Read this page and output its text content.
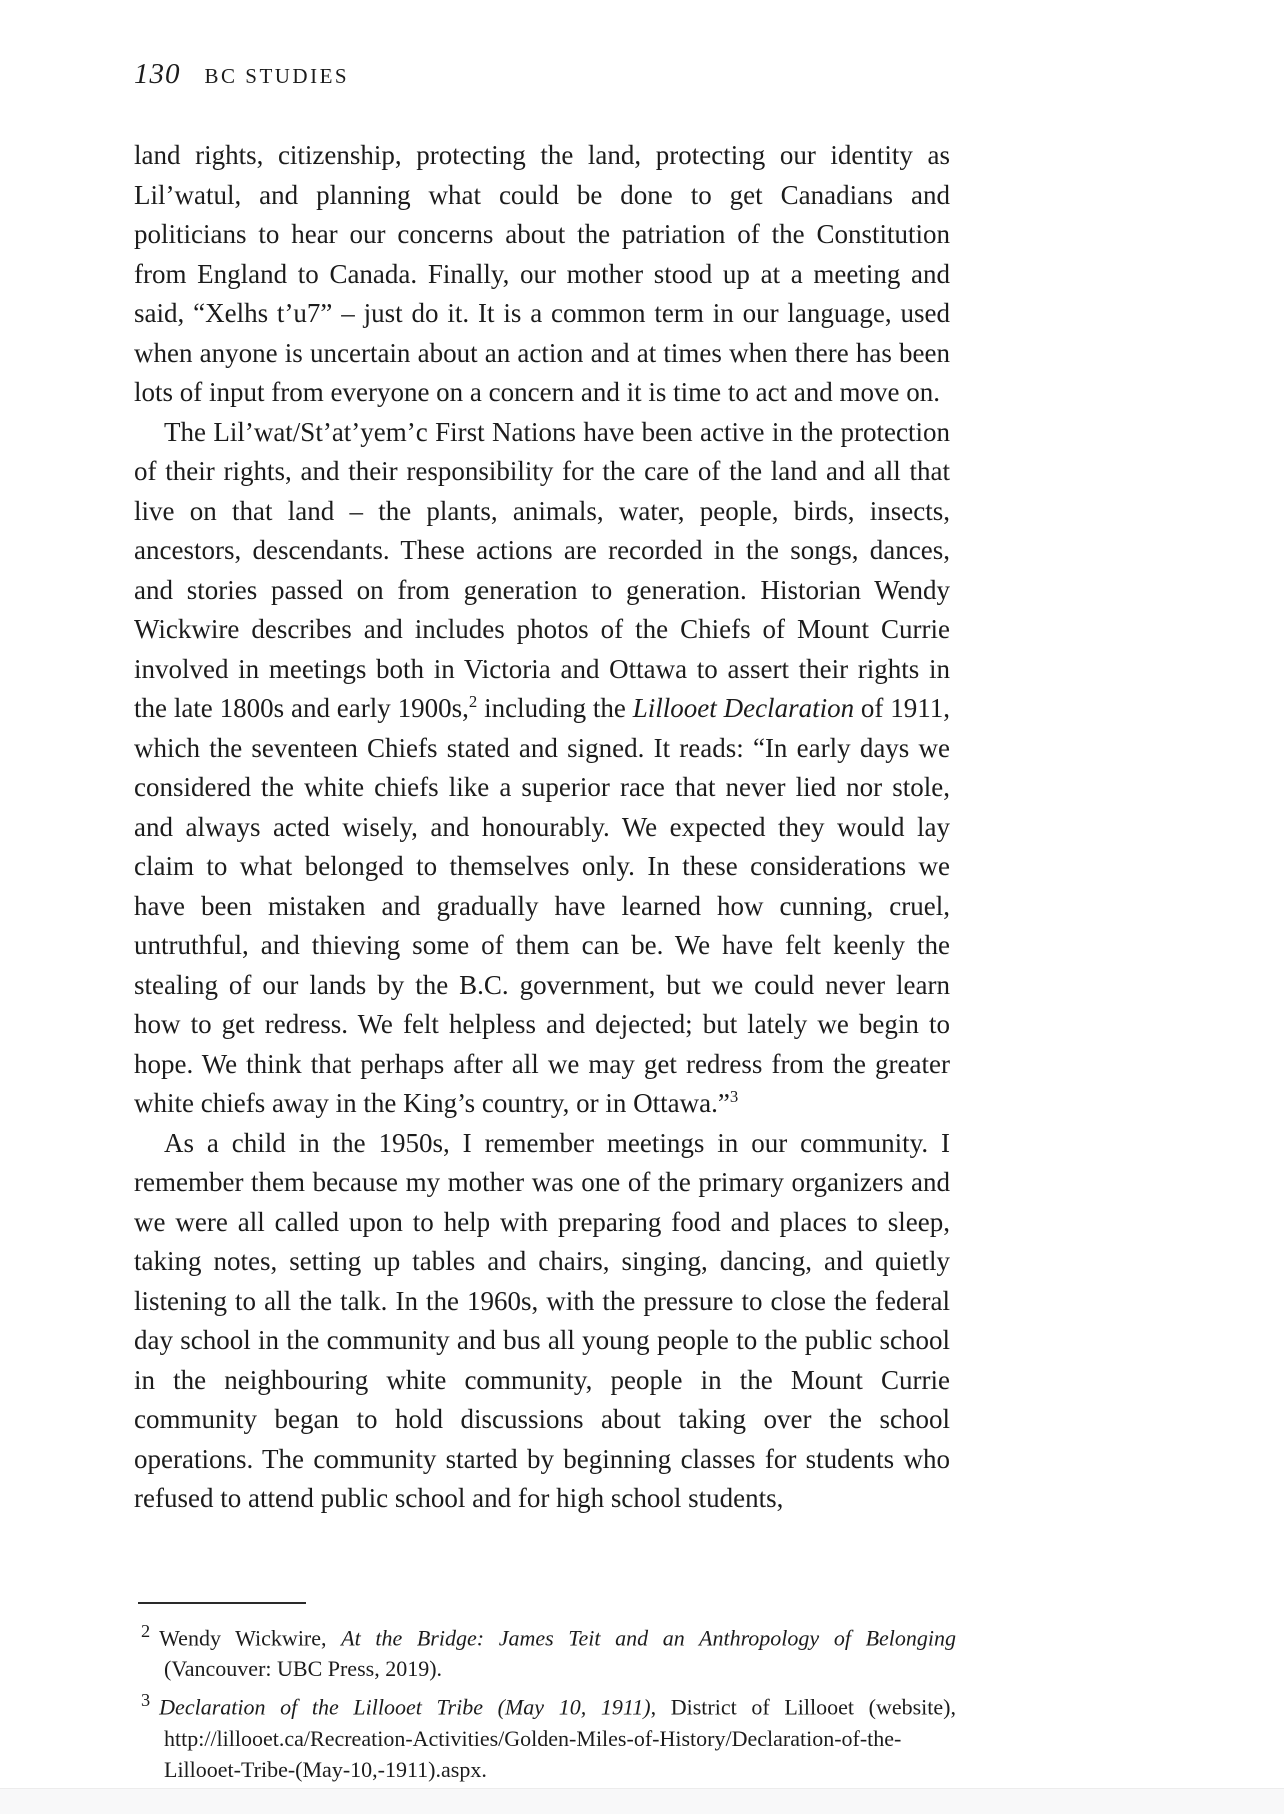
130 BC STUDIES

land rights, citizenship, protecting the land, protecting our identity as Lil’watul, and planning what could be done to get Canadians and politicians to hear our concerns about the patriation of the Constitution from England to Canada. Finally, our mother stood up at a meeting and said, “Xelhs t’u7” – just do it. It is a common term in our language, used when anyone is uncertain about an action and at times when there has been lots of input from everyone on a concern and it is time to act and move on.

The Lil’wat/St’at’yem’c First Nations have been active in the protection of their rights, and their responsibility for the care of the land and all that live on that land – the plants, animals, water, people, birds, insects, ancestors, descendants. These actions are recorded in the songs, dances, and stories passed on from generation to generation. Historian Wendy Wickwire describes and includes photos of the Chiefs of Mount Currie involved in meetings both in Victoria and Ottawa to assert their rights in the late 1800s and early 1900s,$^2$ including the Lillooet Declaration of 1911, which the seventeen Chiefs stated and signed. It reads: “In early days we considered the white chiefs like a superior race that never lied nor stole, and always acted wisely, and honourably. We expected they would lay claim to what belonged to themselves only. In these considerations we have been mistaken and gradually have learned how cunning, cruel, untruthful, and thieving some of them can be. We have felt keenly the stealing of our lands by the B.C. government, but we could never learn how to get redress. We felt helpless and dejected; but lately we begin to hope. We think that perhaps after all we may get redress from the greater white chiefs away in the King’s country, or in Ottawa.”$^3$

As a child in the 1950s, I remember meetings in our community. I remember them because my mother was one of the primary organizers and we were all called upon to help with preparing food and places to sleep, taking notes, setting up tables and chairs, singing, dancing, and quietly listening to all the talk. In the 1960s, with the pressure to close the federal day school in the community and bus all young people to the public school in the neighbouring white community, people in the Mount Currie community began to hold discussions about taking over the school operations. The community started by beginning classes for students who refused to attend public school and for high school students,

$^2$ Wendy Wickwire, At the Bridge: James Teit and an Anthropology of Belonging (Vancouver: UBC Press, 2019).
$^3$ Declaration of the Lillooet Tribe (May 10, 1911), District of Lillooet (website), http://lillooet.ca/Recreation-Activities/Golden-Miles-of-History/Declaration-of-the-Lillooet-Tribe-(May-10,-1911).aspx.
